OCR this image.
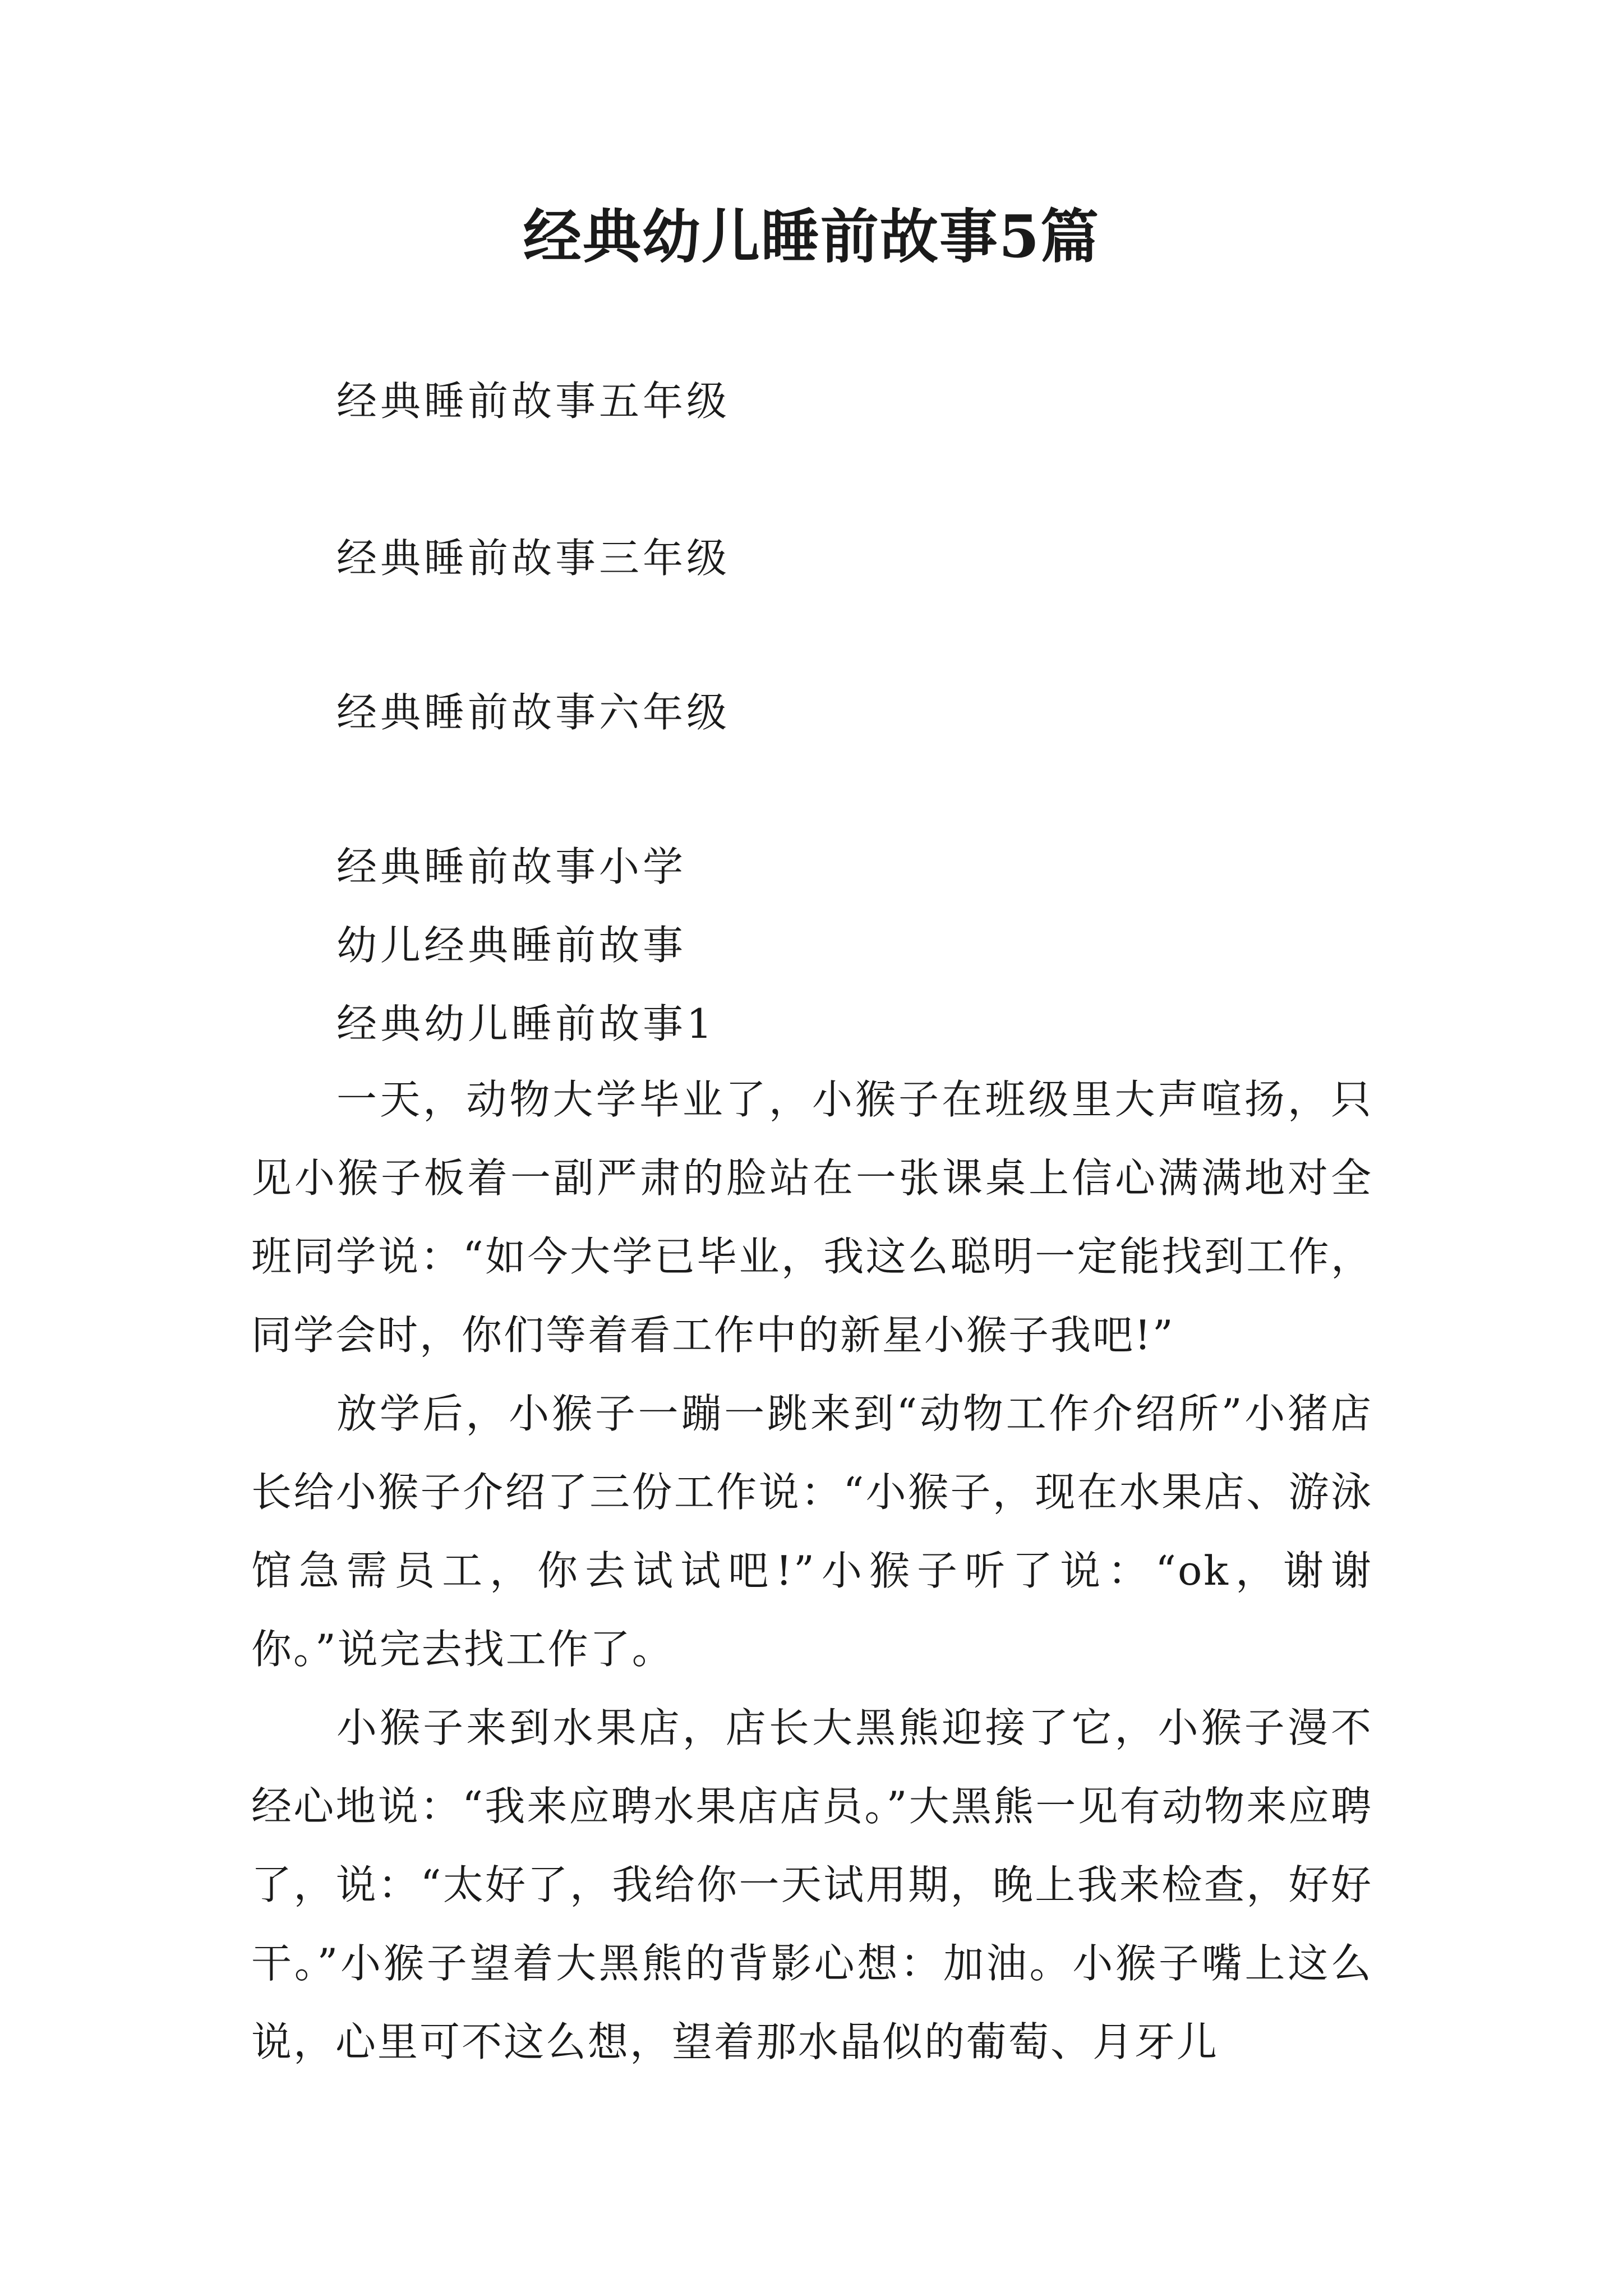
经典幼儿睡前故事5篇
经典睡前故事五年级
经典睡前故事三年级
经典睡前故事六年级
经典睡前故事小学
幼儿经典睡前故事
经典幼儿睡前故事1

一天，动物大学毕业了，小猴子在班级里大声喧扬，只见小猴子板着一副严肃的脸站在一张课桌上信心满满地对全班同学说：“如今大学已毕业，我这么聪明一定能找到工作，同学会时，你们等着看工作中的新星小猴子我吧!”

放学后，小猴子一蹦一跳来到“动物工作介绍所”小猪店长给小猴子介绍了三份工作说：“小猴子，现在水果店、游泳馆急需员工，你去试试吧!”小猴子听了说：“ok，谢谢你。”说完去找工作了。

小猴子来到水果店，店长大黑熊迎接了它，小猴子漫不经心地说：“我来应聘水果店店员。”大黑熊一见有动物来应聘了，说：“太好了，我给你一天试用期，晚上我来检查，好好干。”小猴子望着大黑熊的背影心想：加油。小猴子嘴上这么说，心里可不这么想，望着那水晶似的葡萄、月牙儿
